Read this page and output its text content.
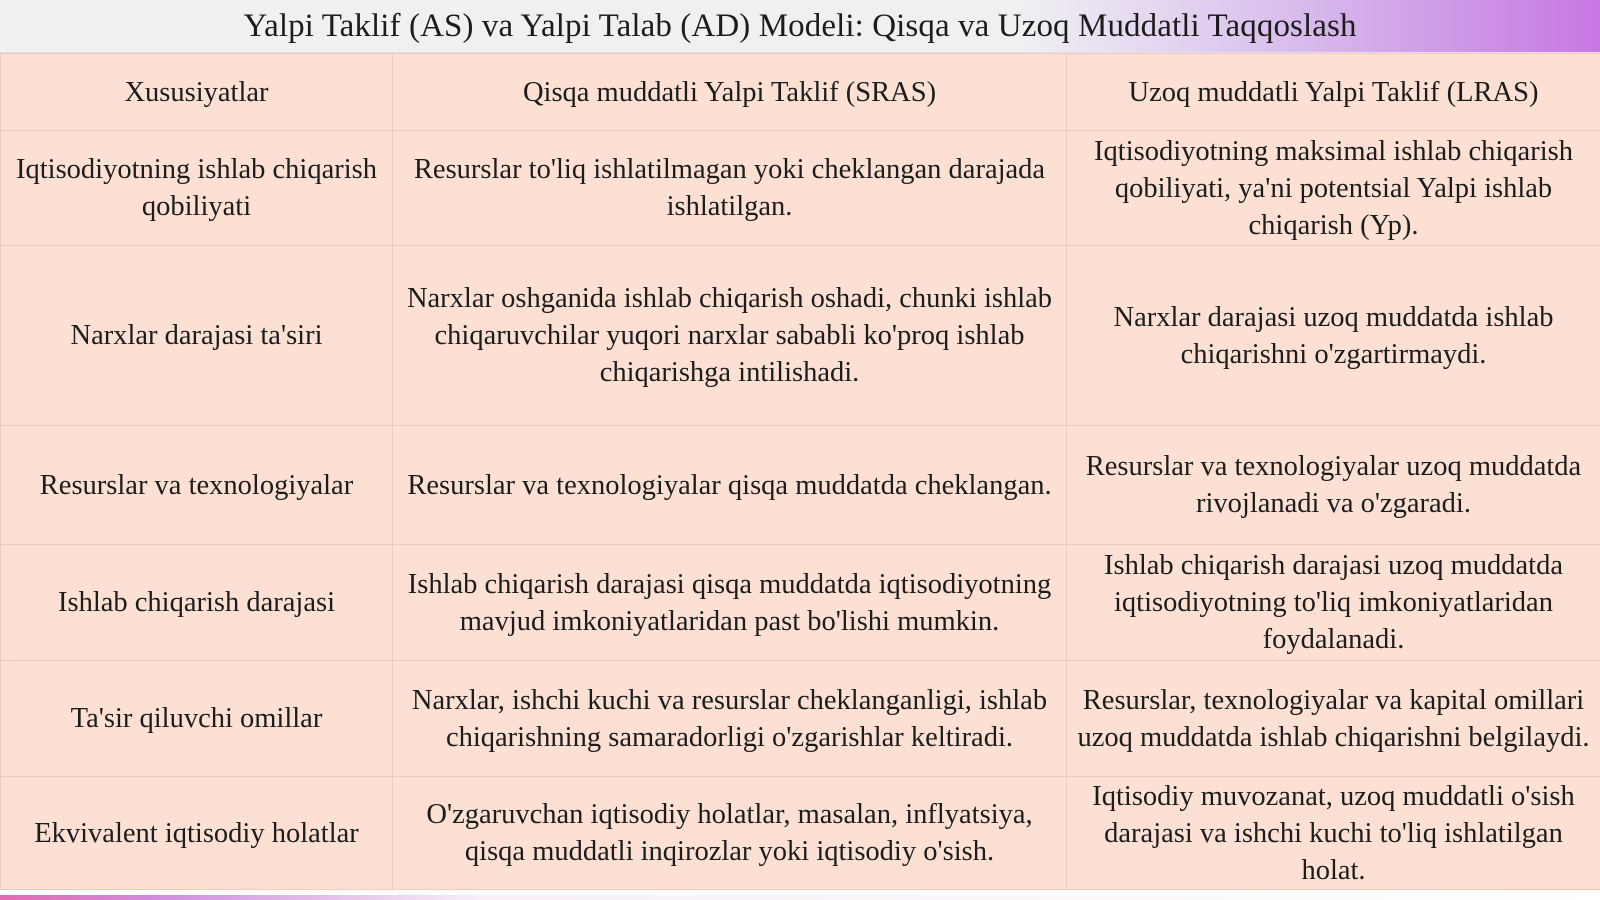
Yalpi Taklif (AS) va Yalpi Talab (AD) Modeli: Qisqa va Uzoq Muddatli Taqqoslash
Xususiyatlar	Qisqa muddatli Yalpi Taklif (SRAS)	Uzoq muddatli Yalpi Taklif (LRAS)
Iqtisodiyotning ishlab chiqarish qobiliyati	Resurslar to'liq ishlatilmagan yoki cheklangan darajada ishlatilgan.	Iqtisodiyotning maksimal ishlab chiqarish qobiliyati, ya'ni potentsial Yalpi ishlab chiqarish (Yp).
Narxlar darajasi ta'siri	Narxlar oshganida ishlab chiqarish oshadi, chunki ishlab chiqaruvchilar yuqori narxlar sababli ko'proq ishlab chiqarishga intilishadi.	Narxlar darajasi uzoq muddatda ishlab chiqarishni o'zgartirmaydi.
Resurslar va texnologiyalar	Resurslar va texnologiyalar qisqa muddatda cheklangan.	Resurslar va texnologiyalar uzoq muddatda rivojlanadi va o'zgaradi.
Ishlab chiqarish darajasi	Ishlab chiqarish darajasi qisqa muddatda iqtisodiyotning mavjud imkoniyatlaridan past bo'lishi mumkin.	Ishlab chiqarish darajasi uzoq muddatda iqtisodiyotning to'liq imkoniyatlaridan foydalanadi.
Ta'sir qiluvchi omillar	Narxlar, ishchi kuchi va resurslar cheklanganligi, ishlab chiqarishning samaradorligi o'zgarishlar keltiradi.	Resurslar, texnologiyalar va kapital omillari uzoq muddatda ishlab chiqarishni belgilaydi.
Ekvivalent iqtisodiy holatlar	O'zgaruvchan iqtisodiy holatlar, masalan, inflyatsiya, qisqa muddatli inqirozlar yoki iqtisodiy o'sish.	Iqtisodiy muvozanat, uzoq muddatli o'sish darajasi va ishchi kuchi to'liq ishlatilgan holat.
